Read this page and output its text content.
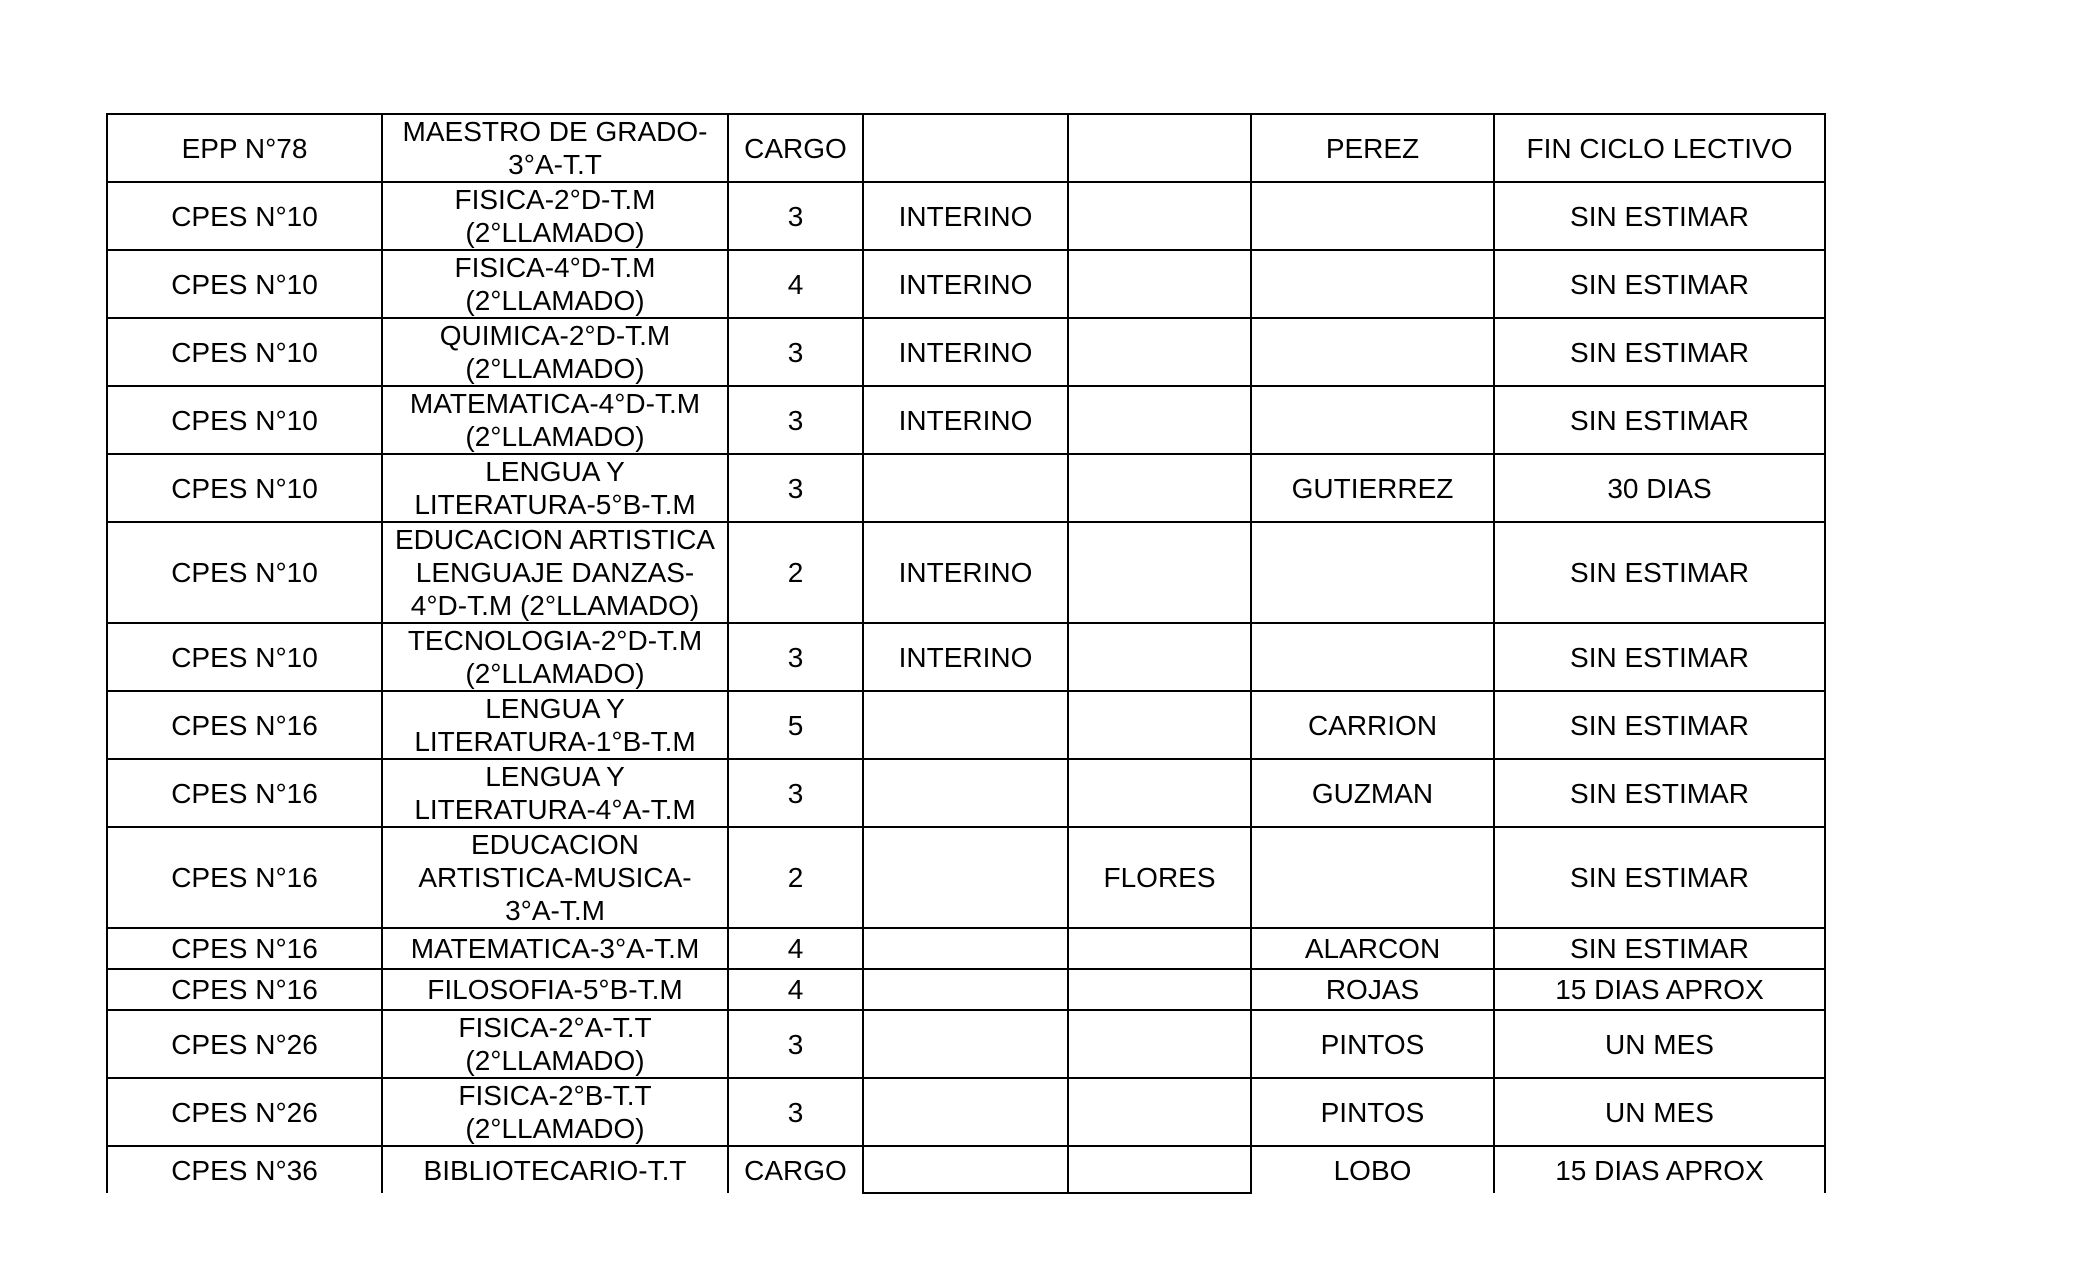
EPP N°78	MAESTRO DE GRADO-3°A-T.T	CARGO			PEREZ	FIN CICLO LECTIVO
CPES N°10	FISICA-2°D-T.M (2°LLAMADO)	3	INTERINO			SIN ESTIMAR
CPES N°10	FISICA-4°D-T.M (2°LLAMADO)	4	INTERINO			SIN ESTIMAR
CPES N°10	QUIMICA-2°D-T.M (2°LLAMADO)	3	INTERINO			SIN ESTIMAR
CPES N°10	MATEMATICA-4°D-T.M (2°LLAMADO)	3	INTERINO			SIN ESTIMAR
CPES N°10	LENGUA Y LITERATURA-5°B-T.M	3			GUTIERREZ	30 DIAS
CPES N°10	EDUCACION ARTISTICA LENGUAJE DANZAS-4°D-T.M (2°LLAMADO)	2	INTERINO			SIN ESTIMAR
CPES N°10	TECNOLOGIA-2°D-T.M (2°LLAMADO)	3	INTERINO			SIN ESTIMAR
CPES N°16	LENGUA Y LITERATURA-1°B-T.M	5			CARRION	SIN ESTIMAR
CPES N°16	LENGUA Y LITERATURA-4°A-T.M	3			GUZMAN	SIN ESTIMAR
CPES N°16	EDUCACION ARTISTICA-MUSICA-3°A-T.M	2		FLORES		SIN ESTIMAR
CPES N°16	MATEMATICA-3°A-T.M	4			ALARCON	SIN ESTIMAR
CPES N°16	FILOSOFIA-5°B-T.M	4			ROJAS	15 DIAS APROX
CPES N°26	FISICA-2°A-T.T (2°LLAMADO)	3			PINTOS	UN MES
CPES N°26	FISICA-2°B-T.T (2°LLAMADO)	3			PINTOS	UN MES
CPES N°36	BIBLIOTECARIO-T.T	CARGO			LOBO	15 DIAS APROX
